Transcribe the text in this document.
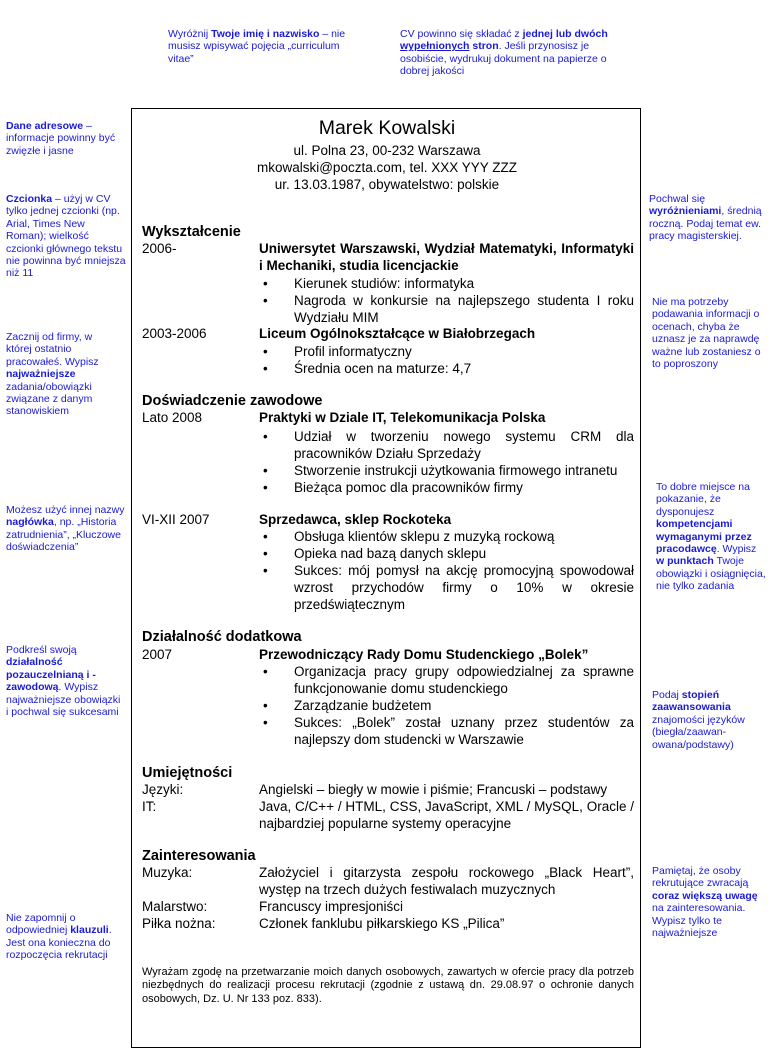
Wyróżnij Twoje imię i nazwisko – nie musisz wpisywać pojęcia „curriculum vitae”
CV powinno się składać z jednej lub dwóch wypełnionych stron. Jeśli przynosisz je osobiście, wydrukuj dokument na papierze o dobrej jakości
Dane adresowe – informacje powinny być zwięzłe i jasne
Czcionka – użyj w CV tylko jednej czcionki (np. Arial, Times New Roman); wielkość czcionki głównego tekstu nie powinna być mniejsza niż 11
Zacznij od firmy, w której ostatnio pracowałeś. Wypisz najważniejsze zadania/obowiązki związane z danym stanowiskiem
Możesz użyć innej nazwy nagłówka, np. „Historia zatrudnienia”, „Kluczowe doświadczenia”
Podkreśl swoją działalność pozauczelnianą i -zawodową. Wypisz najważniejsze obowiązki i pochwal się sukcesami
Nie zapomnij o odpowiedniej klauzuli. Jest ona konieczna do rozpoczęcia rekrutacji
Pochwal się wyróżnieniami, średnią roczną. Podaj temat ew. pracy magisterskiej.
Nie ma potrzeby podawania informacji o ocenach, chyba że uznasz je za naprawdę ważne lub zostaniesz o to poproszony
To dobre miejsce na pokazanie, że dysponujesz kompetencjami wymaganymi przez pracodawcę. Wypisz w punktach Twoje obowiązki i osiągnięcia, nie tylko zadania
Podaj stopień zaawansowania znajomości języków (biegła/zaawan-owana/podstawy)
Pamiętaj, że osoby rekrutujące zwracają coraz większą uwagę na zainteresowania. Wypisz tylko te najważniejsze
Marek Kowalski
ul. Polna 23, 00-232 Warszawa
mkowalski@poczta.com, tel. XXX YYY ZZZ
ur. 13.03.1987, obywatelstwo: polskie
Wykształcenie
2006-	Uniwersytet Warszawski, Wydział Matematyki, Informatyki i Mechaniki, studia licencjackie
• Kierunek studiów: informatyka
• Nagroda w konkursie na najlepszego studenta I roku Wydziału MIM
2003-2006	Liceum Ogólnokształcące w Białobrzegach
• Profil informatyczny
• Średnia ocen na maturze: 4,7
Doświadczenie zawodowe
Lato 2008	Praktyki w Dziale IT, Telekomunikacja Polska
• Udział w tworzeniu nowego systemu CRM dla pracowników Działu Sprzedaży
• Stworzenie instrukcji użytkowania firmowego intranetu
• Bieżąca pomoc dla pracowników firmy
VI-XII 2007	Sprzedawca, sklep Rockoteka
• Obsługa klientów sklepu z muzyką rockową
• Opieka nad bazą danych sklepu
• Sukces: mój pomysł na akcję promocyjną spowodował wzrost przychodów firmy o 10% w okresie przedświątecznym
Działalność dodatkowa
2007	Przewodniczący Rady Domu Studenckiego „Bolek”
• Organizacja pracy grupy odpowiedzialnej za sprawne funkcjonowanie domu studenckiego
• Zarządzanie budżetem
• Sukces: „Bolek” został uznany przez studentów za najlepszy dom studencki w Warszawie
Umiejętności
Języki:	Angielski – biegły w mowie i piśmie; Francuski – podstawy
IT:	Java, C/C++ / HTML, CSS, JavaScript, XML / MySQL, Oracle / najbardziej popularne systemy operacyjne
Zainteresowania
Muzyka:	Założyciel i gitarzysta zespołu rockowego „Black Heart”, występ na trzech dużych festiwalach muzycznych
Malarstwo:	Francuscy impresjoniści
Piłka nożna:	Członek fanklubu piłkarskiego KS „Pilica”
Wyrażam zgodę na przetwarzanie moich danych osobowych, zawartych w ofercie pracy dla potrzeb niezbędnych do realizacji procesu rekrutacji (zgodnie z ustawą dn. 29.08.97 o ochronie danych osobowych, Dz. U. Nr 133 poz. 833).
